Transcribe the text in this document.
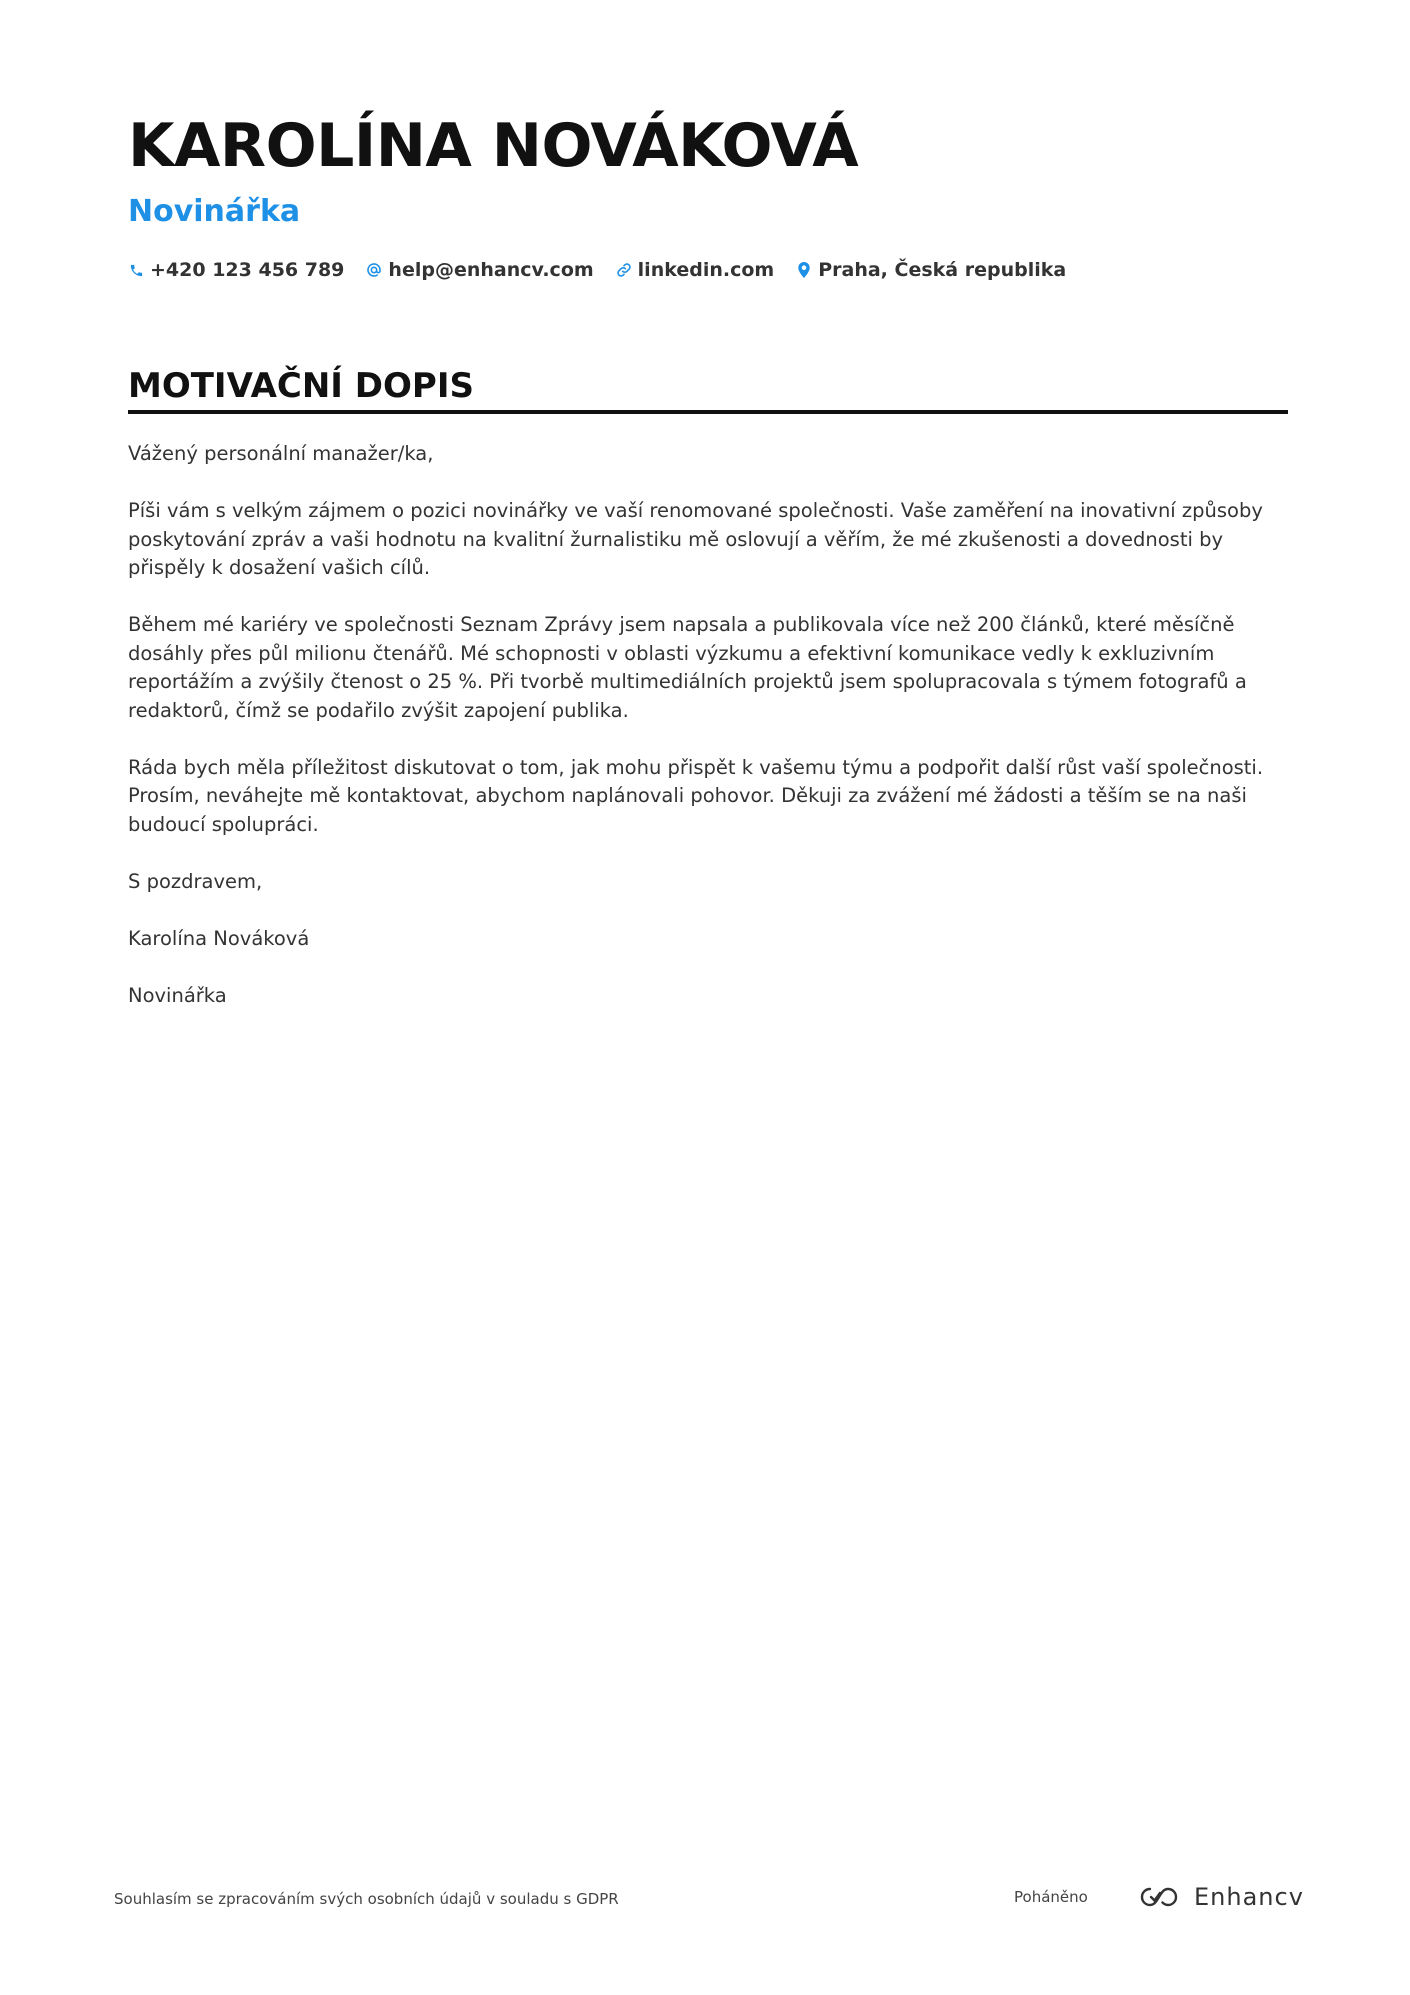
KAROLÍNA NOVÁKOVÁ
Novinářka
+420 123 456 789 help@enhancv.com linkedin.com Praha, Česká republika
MOTIVAČNÍ DOPIS

Vážený personální manažer/ka,

Píši vám s velkým zájmem o pozici novinářky ve vaší renomované společnosti. Vaše zaměření na inovativní způsoby poskytování zpráv a vaši hodnotu na kvalitní žurnalistiku mě oslovují a věřím, že mé zkušenosti a dovednosti by přispěly k dosažení vašich cílů.

Během mé kariéry ve společnosti Seznam Zprávy jsem napsala a publikovala více než 200 článků, které měsíčně dosáhly přes půl milionu čtenářů. Mé schopnosti v oblasti výzkumu a efektivní komunikace vedly k exkluzivním reportážím a zvýšily čtenost o 25 %. Při tvorbě multimediálních projektů jsem spolupracovala s týmem fotografů a redaktorů, čímž se podařilo zvýšit zapojení publika.

Ráda bych měla příležitost diskutovat o tom, jak mohu přispět k vašemu týmu a podpořit další růst vaší společnosti. Prosím, neváhejte mě kontaktovat, abychom naplánovali pohovor. Děkuji za zvážení mé žádosti a těším se na naši budoucí spolupráci.

S pozdravem,

Karolína Nováková

Novinářka

Souhlasím se zpracováním svých osobních údajů v souladu s GDPR	Poháněno	Enhancv
